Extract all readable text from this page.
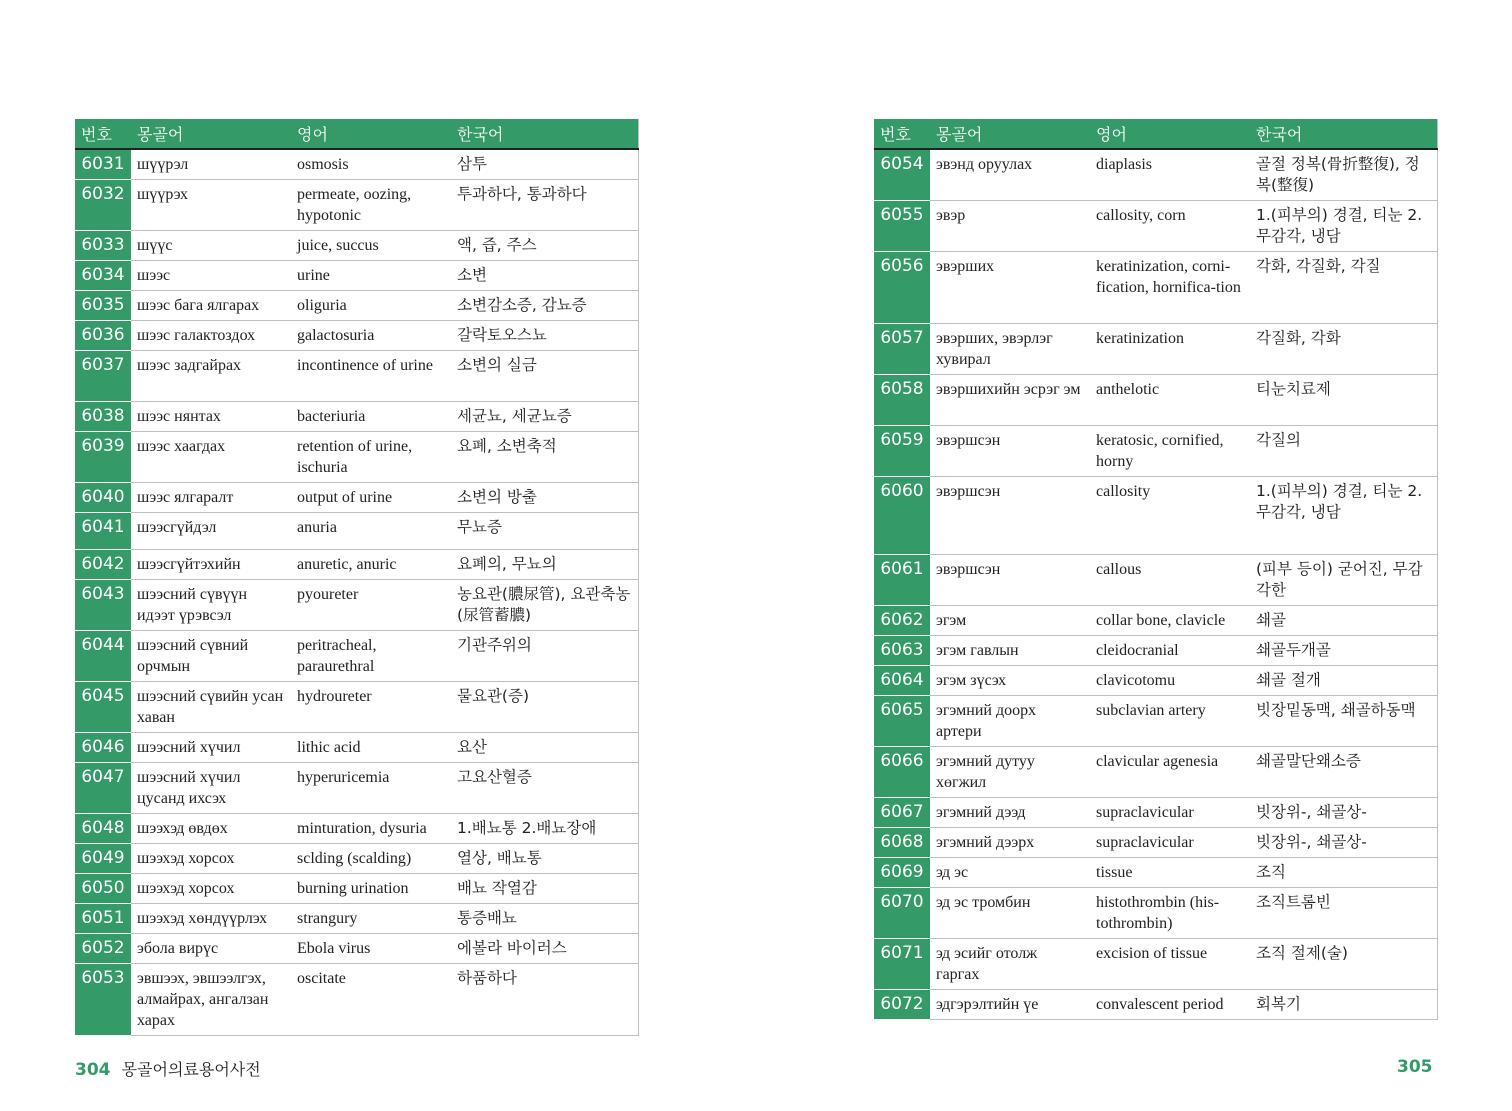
번호	몽골어	영어	한국어
6031	шүүрэл	osmosis	삼투
6032	шүүрэх	permeate, oozing, hypotonic	투과하다, 통과하다
6033	шүүс	juice, succus	액, 즙, 주스
6034	шээс	urine	소변
6035	шээс бага ялгарах	oliguria	소변감소증, 감뇨증
6036	шээс галактоздох	galactosuria	갈락토오스뇨
6037	шээс задгайрах	incontinence of urine	소변의 실금
6038	шээс нянтах	bacteriuria	세균뇨, 세균뇨증
6039	шээс хаагдах	retention of urine, ischuria	요폐, 소변축적
6040	шээс ялгаралт	output of urine	소변의 방출
6041	шээсгүйдэл	anuria	무뇨증
6042	шээсгүйтэхийн	anuretic, anuric	요폐의, 무뇨의
6043	шээсний сүвүүн идээт үрэвсэл	pyoureter	농요관(膿尿管), 요관축농(尿管蓄膿)
6044	шээсний сүвний орчмын	peritracheal, paraurethral	기관주위의
6045	шээсний сүвийн усан хаван	hydroureter	물요관(증)
6046	шээсний хүчил	lithic acid	요산
6047	шээсний хүчил цусанд ихсэх	hyperuricemia	고요산혈증
6048	шээхэд өвдөх	minturation, dysuria	1.배뇨통 2.배뇨장애
6049	шээхэд хорсох	sclding (scalding)	열상, 배뇨통
6050	шээхэд хорсох	burning urination	배뇨 작열감
6051	шээхэд хөндүүрлэх	strangury	통증배뇨
6052	эбола вирүс	Ebola virus	에볼라 바이러스
6053	эвшээх, эвшээлгэх, алмайрах, ангалзан харах	oscitate	하품하다
번호	몽골어	영어	한국어
6054	эвэнд оруулах	diaplasis	골절 정복(骨折整復), 정복(整復)
6055	эвэр	callosity, corn	1.(피부의) 경결, 티눈 2.무감각, 냉담
6056	эвэрших	keratinization, corni-fication, hornifica-tion	각화, 각질화, 각질
6057	эвэрших, эвэрлэг хувирал	keratinization	각질화, 각화
6058	эвэршихийн эсрэг эм	anthelotic	티눈치료제
6059	эвэршсэн	keratosic, cornified, horny	각질의
6060	эвэршсэн	callosity	1.(피부의) 경결, 티눈 2.무감각, 냉담
6061	эвэршсэн	callous	(피부 등이) 굳어진, 무감각한
6062	эгэм	collar bone, clavicle	쇄골
6063	эгэм гавлын	cleidocranial	쇄골두개골
6064	эгэм зүсэх	clavicotomu	쇄골 절개
6065	эгэмний доорх артери	subclavian artery	빗장밑동맥, 쇄골하동맥
6066	эгэмний дутуу хөгжил	clavicular agenesia	쇄골말단왜소증
6067	эгэмний дээд	supraclavicular	빗장위-, 쇄골상-
6068	эгэмний дээрх	supraclavicular	빗장위-, 쇄골상-
6069	эд эс	tissue	조직
6070	эд эс тромбин	histothrombin (his-tothrombin)	조직트롬빈
6071	эд эсийг отолж гаргах	excision of tissue	조직 절제(술)
6072	эдгэрэлтийн үе	convalescent period	회복기
304 몽골어의료용어사전	305
